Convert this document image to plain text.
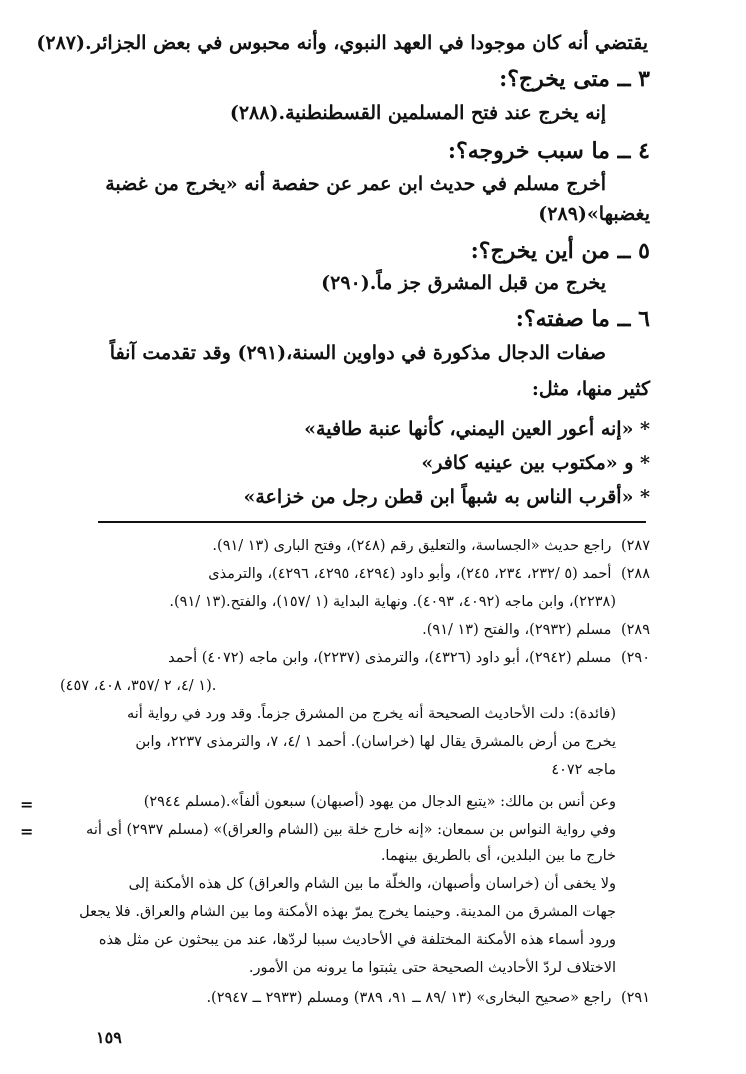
يقتضي أنه كان موجودا في العهد النبوي، وأنه محبوس في بعض الجزائر.(٢٨٧)
٣ ــ متى يخرج؟:
إنه يخرج عند فتح المسلمين القسطنطنية.(٢٨٨)
٤ ــ ما سبب خروجه؟:
أخرج مسلم في حديث ابن عمر عن حفصة أنه «يخرج من غضبة
يغضبها»(٢٨٩)
٥ ــ من أين يخرج؟:
يخرج من قبل المشرق جز ماً.(٢٩٠)
٦ ــ ما صفته؟:
صفات الدجال مذكورة في دواوين السنة،(٢٩١) وقد تقدمت آنفاً
كثير منها، مثل:
* «إنه أعور العين اليمني، كأنها عنبة طافية»
* و «مكتوب بين عينيه كافر»
* «أقرب الناس به شبهاً ابن قطن رجل من خزاعة»
٢٨٧) راجع حديث «الجساسة، والتعليق رقم (٢٤٨)، وفتح البارى (١٣ /٩١).
٢٨٨) أحمد (٥ /٢٣٢، ٢٣٤، ٢٤٥)، وأبو داود (٤٢٩٤، ٤٢٩٥، ٤٢٩٦)، والترمذى
(٢٢٣٨)، وابن ماجه (٤٠٩٢، ٤٠٩٣). ونهاية البداية (١ /١٥٧)، والفتح.(١٣ /٩١).
٢٨٩) مسلم (٢٩٣٢)، والفتح (١٣ /٩١).
٢٩٠) مسلم (٢٩٤٢)، أبو داود (٤٣٢٦)، والترمذى (٢٢٣٧)، وابن ماجه (٤٠٧٢) أحمد
(١ /٤، ٢ /٣٥٧، ٤٠٨، ٤٥٧).
(فائدة): دلت الأحاديث الصحيحة أنه يخرج من المشرق جزماً. وقد ورد في رواية أنه
يخرج من أرض بالمشرق يقال لها (خراسان). أحمد ١ /٤، ٧، والترمذى ٢٢٣٧، وابن
ماجه ٤٠٧٢
وعن أنس بن مالك: «يتبع الدجال من يهود (أصبهان) سبعون ألفاً».(مسلم ٢٩٤٤)
وفي رواية النواس بن سمعان: «إنه خارج خلة بين (الشام والعراق)» (مسلم ٢٩٣٧) أى أنه
خارج ما بين البلدين، أى بالطريق بينهما.
ولا يخفى أن (خراسان وأصبهان، والخلّة ما بين الشام والعراق) كل هذه الأمكنة إلى
جهات المشرق من المدينة. وحينما يخرج يمرّ بهذه الأمكنة وما بين الشام والعراق. فلا يجعل
ورود أسماء هذه الأمكنة المختلفة في الأحاديث سببا لردّها، عند من يبحثون عن مثل هذه
الاختلاف لردّ الأحاديث الصحيحة حتى يثبتوا ما يرونه من الأمور.
=
=
٢٩١) راجع «صحيح البخارى» (١٣ /٨٩ ــ ٩١، ٣٨٩) ومسلم (٢٩٣٣ ــ ٢٩٤٧).
١٥٩
